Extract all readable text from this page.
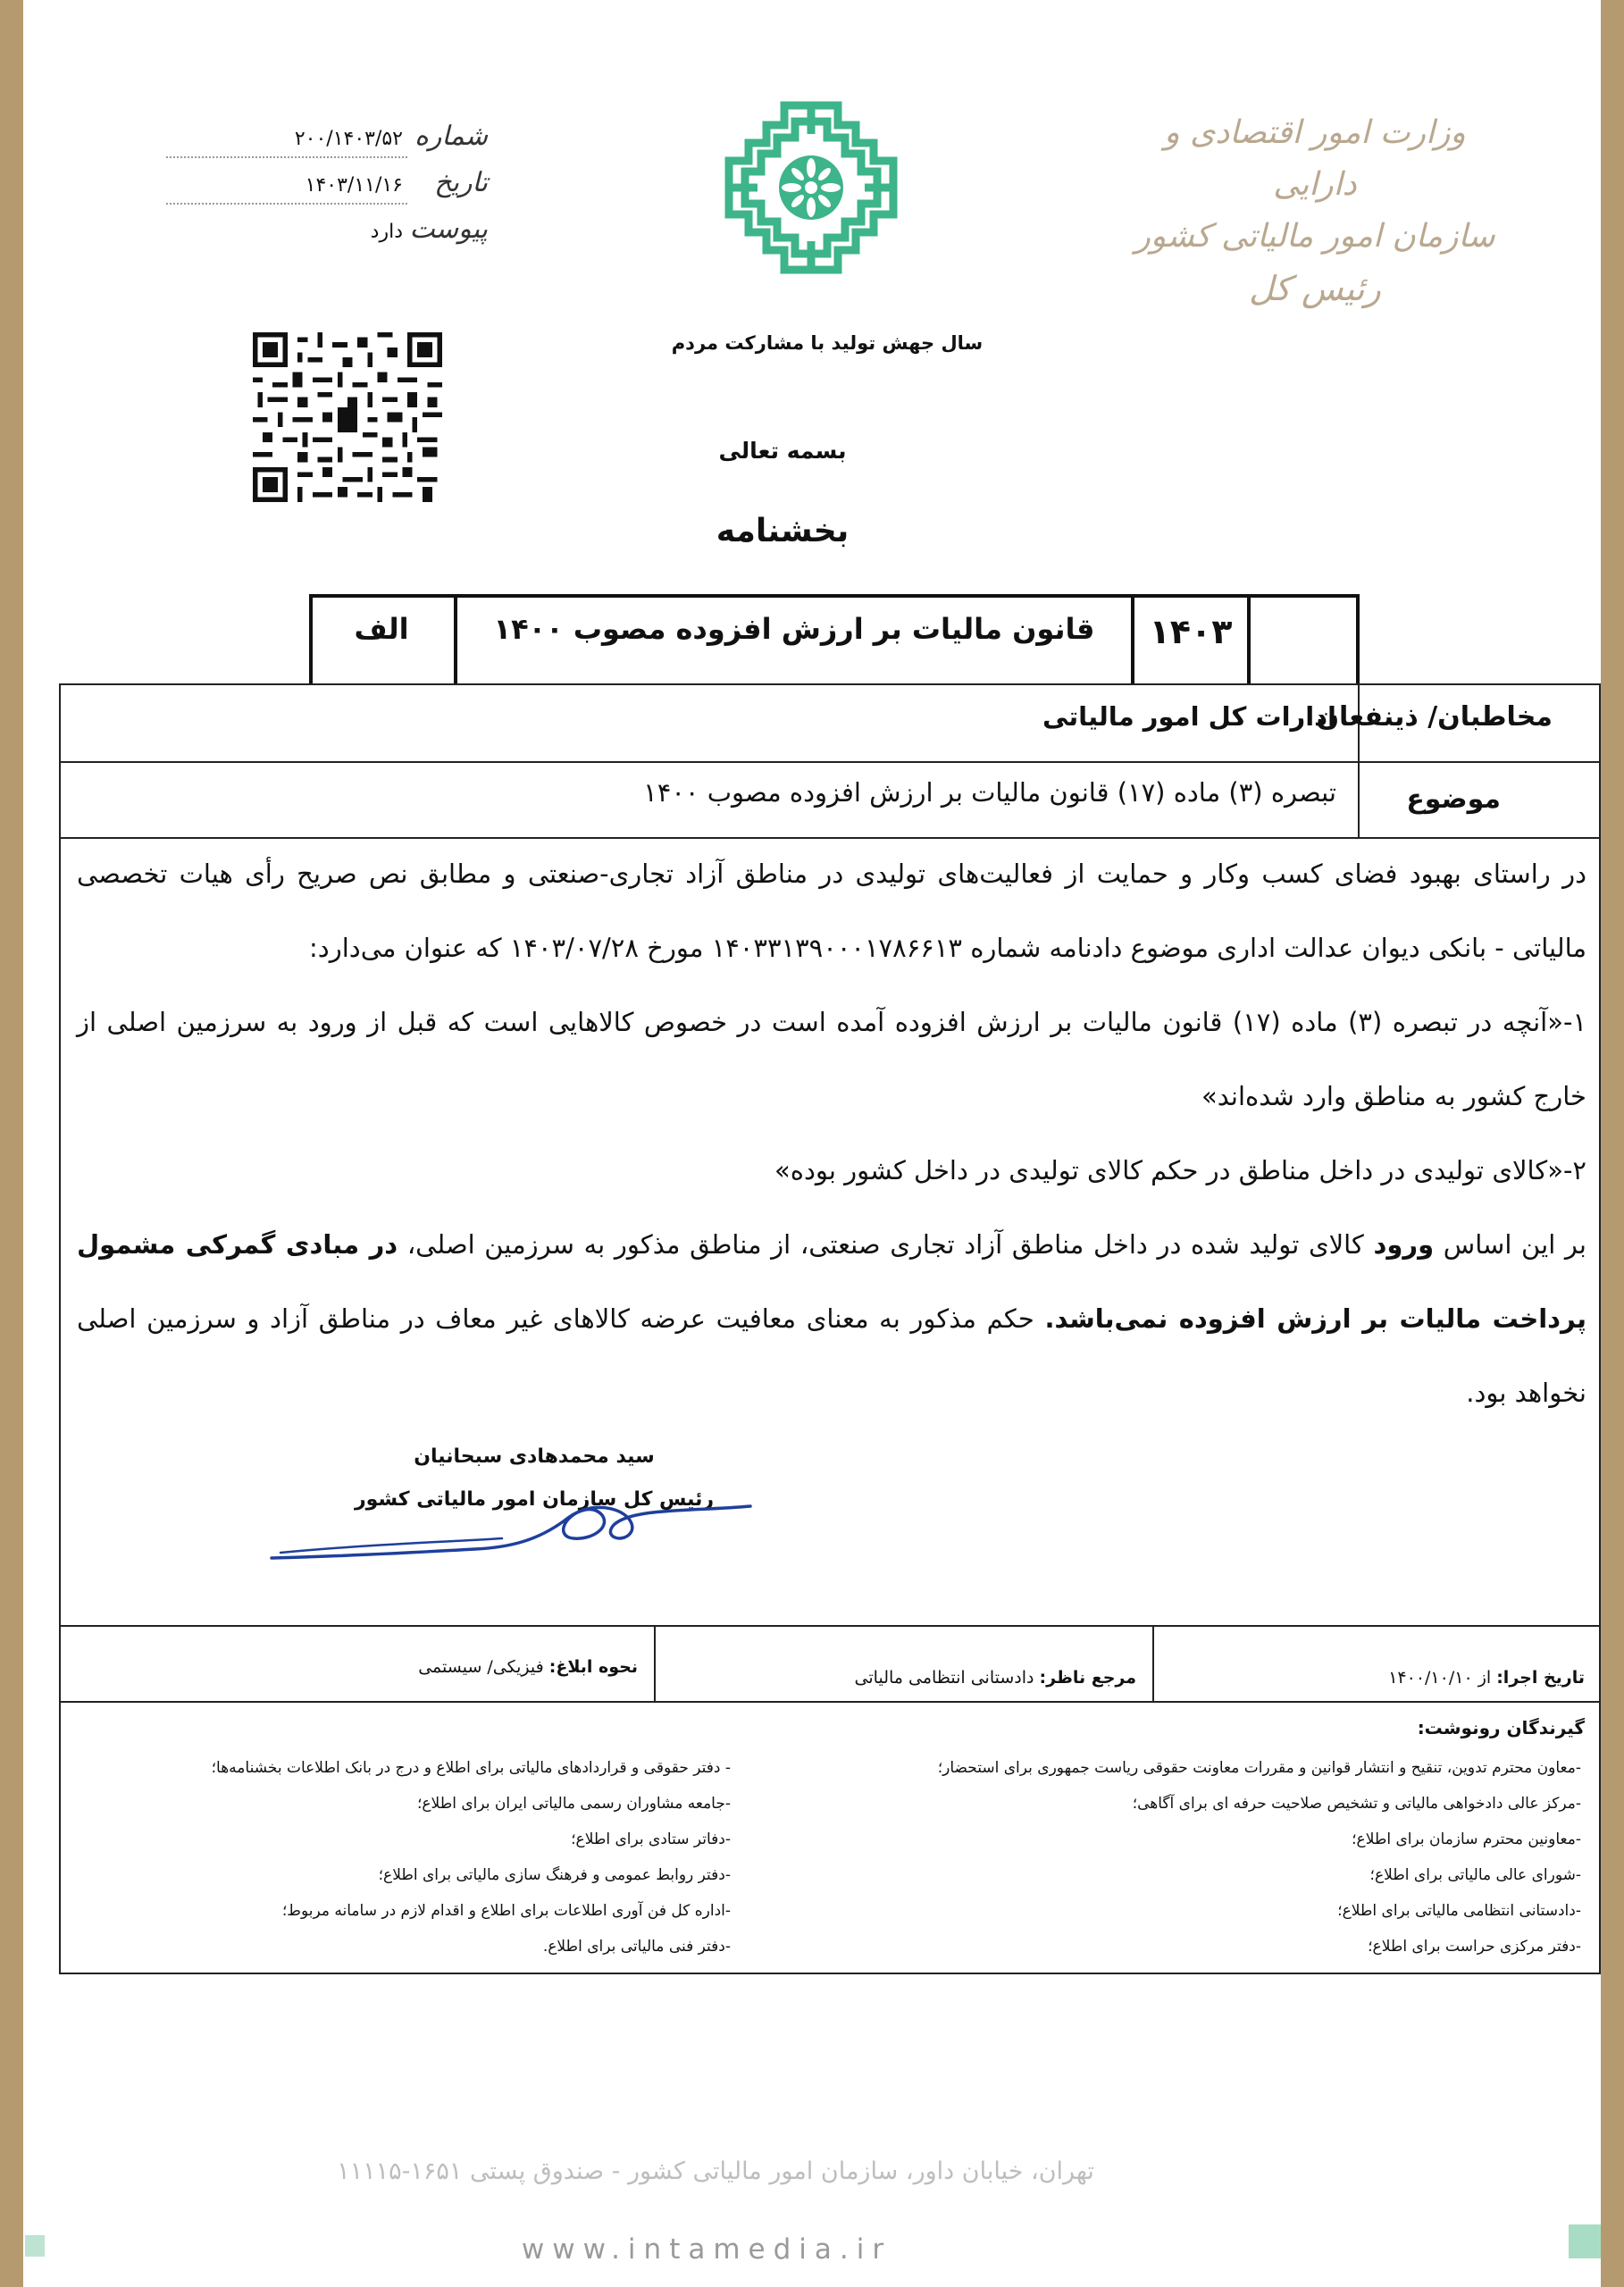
وزارت امور اقتصادی و دارایی
سازمان امور مالیاتی کشور
رئیس کل
سال جهش تولید با مشارکت مردم
شماره
۲۰۰/۱۴۰۳/۵۲
تاریخ
۱۴۰۳/۱۱/۱۶
پیوست
دارد
بسمه تعالی
بخشنامه
۱۴۰۳
قانون مالیات بر ارزش افزوده مصوب ۱۴۰۰
الف
مخاطبان/ ذینفعان
ادارات کل امور مالیاتی
موضوع
تبصره (۳) ماده (۱۷) قانون مالیات بر ارزش افزوده مصوب ۱۴۰۰

در راستای بهبود فضای کسب وکار و حمایت از فعالیت‌های تولیدی در مناطق آزاد تجاری-صنعتی و مطابق نص صریح رأی هیات تخصصی مالیاتی - بانکی دیوان عدالت اداری موضوع دادنامه شماره ۱۴۰۳۳۱۳۹۰۰۰۱۷۸۶۶۱۳ مورخ ۱۴۰۳/۰۷/۲۸ که عنوان می‌دارد:

۱-«آنچه در تبصره (۳) ماده (۱۷) قانون مالیات بر ارزش افزوده آمده است در خصوص کالاهایی است که قبل از ورود به سرزمین اصلی از خارج کشور به مناطق وارد شده‌اند»

۲-«کالای تولیدی در داخل مناطق در حکم کالای تولیدی در داخل کشور بوده»

بر این اساس ورود کالای تولید شده در داخل مناطق آزاد تجاری صنعتی، از مناطق مذکور به سرزمین اصلی، در مبادی گمرکی مشمول پرداخت مالیات بر ارزش افزوده نمی‌باشد. حکم مذکور به معنای معافیت عرضه کالاهای غیر معاف در مناطق آزاد و سرزمین اصلی نخواهد بود.

سید محمدهادی سبحانیان
رئیس کل سازمان امور مالیاتی کشور
تاریخ اجرا: از ۱۴۰۰/۱۰/۱۰
مرجع ناظر: دادستانی انتظامی مالیاتی
نحوه ابلاغ: فیزیکی/ سیستمی
گیرندگان رونوشت:
-معاون محترم تدوین، تنقیح و انتشار قوانین و مقررات معاونت حقوقی ریاست جمهوری برای استحضار؛
-مرکز عالی دادخواهی مالیاتی و تشخیص صلاحیت حرفه ای برای آگاهی؛
-معاونین محترم سازمان برای اطلاع؛
-شورای عالی مالیاتی برای اطلاع؛
-دادستانی انتظامی مالیاتی برای اطلاع؛
-دفتر مرکزی حراست برای اطلاع؛
- دفتر حقوقی و قراردادهای مالیاتی برای اطلاع و درج در بانک اطلاعات بخشنامه‌ها؛
-جامعه مشاوران رسمی مالیاتی ایران برای اطلاع؛
-دفاتر ستادی برای اطلاع؛
-دفتر روابط عمومی و فرهنگ سازی مالیاتی برای اطلاع؛
-اداره کل فن آوری اطلاعات برای اطلاع و اقدام لازم در سامانه مربوط؛
-دفتر فنی مالیاتی برای اطلاع.
تهران، خیابان داور، سازمان امور مالیاتی کشور - صندوق پستی ۱۶۵۱-۱۱۱۱۵
www.intamedia.ir
